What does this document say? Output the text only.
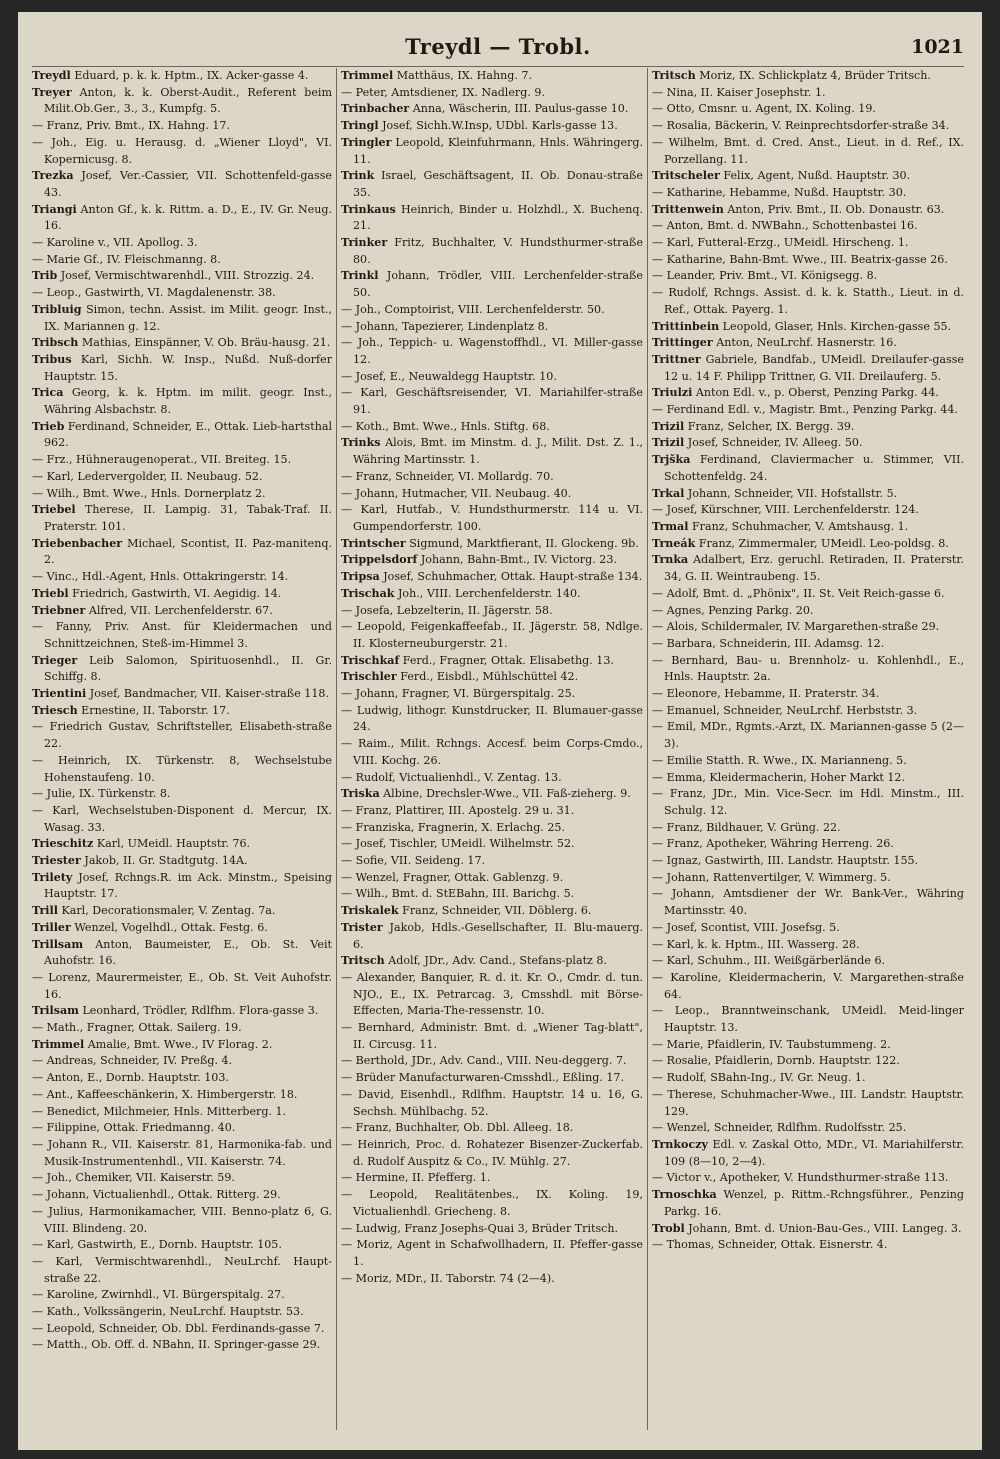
Treydl — Trobl.	1021

Treydl Eduard, p. k. k. Hptm., IX. Acker-gasse 4.

Treyer Anton, k. k. Oberst-Audit., Referent beim Milit.Ob.Ger., 3., 3., Kumpfg. 5.

— Franz, Priv. Bmt., IX. Hahng. 17.

— Joh., Eig. u. Herausg. d. „Wiener Lloyd", VI. Kopernicusg. 8.

Trezka Josef, Ver.-Cassier, VII. Schottenfeld-gasse 43.

Triangi Anton Gf., k. k. Rittm. a. D., E., IV. Gr. Neug. 16.

— Karoline v., VII. Apollog. 3.

— Marie Gf., IV. Fleischmanng. 8.

Trib Josef, Vermischtwarenhdl., VIII. Strozzig. 24.

— Leop., Gastwirth, VI. Magdalenenstr. 38.

Tribluig Simon, techn. Assist. im Milit. geogr. Inst., IX. Mariannen g. 12.

Tribsch Mathias, Einspänner, V. Ob. Bräu-hausg. 21.

Tribus Karl, Sichh. W. Insp., Nußd. Nuß-dorfer Hauptstr. 15.

Trica Georg, k. k. Hptm. im milit. geogr. Inst., Währing Alsbachstr. 8.

Trieb Ferdinand, Schneider, E., Ottak. Lieb-hartsthal 962.

— Frz., Hühneraugenoperat., VII. Breiteg. 15.

— Karl, Ledervergolder, II. Neubaug. 52.

— Wilh., Bmt. Wwe., Hnls. Dornerplatz 2.

Triebel Therese, II. Lampig. 31, Tabak-Traf. II. Praterstr. 101.

Triebenbacher Michael, Scontist, II. Paz-manitenq. 2.

— Vinc., Hdl.-Agent, Hnls. Ottakringerstr. 14.

Triebl Friedrich, Gastwirth, VI. Aegidig. 14.

Triebner Alfred, VII. Lerchenfelderstr. 67.

— Fanny, Priv. Anst. für Kleidermachen und Schnittzeichnen, Steß-im-Himmel 3.

Trieger Leib Salomon, Spirituosenhdl., II. Gr. Schiffg. 8.

Trientini Josef, Bandmacher, VII. Kaiser-straße 118.

Triesch Ernestine, II. Taborstr. 17.

— Friedrich Gustav, Schriftsteller, Elisabeth-straße 22.

— Heinrich, IX. Türkenstr. 8, Wechselstube Hohenstaufeng. 10.

— Julie, IX. Türkenstr. 8.

— Karl, Wechselstuben-Disponent d. Mercur, IX. Wasag. 33.

Trieschitz Karl, UMeidl. Hauptstr. 76.

Triester Jakob, II. Gr. Stadtgutg. 14A.

Trilety Josef, Rchngs.R. im Ack. Minstm., Speising Hauptstr. 17.

Trill Karl, Decorationsmaler, V. Zentag. 7a.

Triller Wenzel, Vogelhdl., Ottak. Festg. 6.

Trillsam Anton, Baumeister, E., Ob. St. Veit Auhofstr. 16.

— Lorenz, Maurermeister, E., Ob. St. Veit Auhofstr. 16.

Trilsam Leonhard, Trödler, Rdlfhm. Flora-gasse 3.

— Math., Fragner, Ottak. Sailerg. 19.

Trimmel Amalie, Bmt. Wwe., IV Florag. 2.

— Andreas, Schneider, IV. Preßg. 4.

— Anton, E., Dornb. Hauptstr. 103.

— Ant., Kaffeeschänkerin, X. Himbergerstr. 18.

— Benedict, Milchmeier, Hnls. Mitterberg. 1.

— Filippine, Ottak. Friedmanng. 40.

— Johann R., VII. Kaiserstr. 81, Harmonika-fab. und Musik-Instrumentenhdl., VII. Kaiserstr. 74.

— Joh., Chemiker, VII. Kaiserstr. 59.

— Johann, Victualienhdl., Ottak. Ritterg. 29.

— Julius, Harmonikamacher, VIII. Benno-platz 6, G. VIII. Blindeng. 20.

— Karl, Gastwirth, E., Dornb. Hauptstr. 105.

— Karl, Vermischtwarenhdl., NeuLrchf. Haupt-straße 22.

— Karoline, Zwirnhdl., VI. Bürgerspitalg. 27.

— Kath., Volkssängerin, NeuLrchf. Hauptstr. 53.

— Leopold, Schneider, Ob. Dbl. Ferdinands-gasse 7.

— Matth., Ob. Off. d. NBahn, II. Springer-gasse 29.

Trimmel Matthäus, IX. Hahng. 7.

— Peter, Amtsdiener, IX. Nadlerg. 9.

Trinbacher Anna, Wäscherin, III. Paulus-gasse 10.

Tringl Josef, Sichh.W.Insp, UDbl. Karls-gasse 13.

Tringler Leopold, Kleinfuhrmann, Hnls. Währingerg. 11.

Trink Israel, Geschäftsagent, II. Ob. Donau-straße 35.

Trinkaus Heinrich, Binder u. Holzhdl., X. Buchenq. 21.

Trinker Fritz, Buchhalter, V. Hundsthurmer-straße 80.

Trinkl Johann, Trödler, VIII. Lerchenfelder-straße 50.

— Joh., Comptoirist, VIII. Lerchenfelderstr. 50.

— Johann, Tapezierer, Lindenplatz 8.

— Joh., Teppich- u. Wagenstoffhdl., VI. Miller-gasse 12.

— Josef, E., Neuwaldegg Hauptstr. 10.

— Karl, Geschäftsreisender, VI. Mariahilfer-straße 91.

— Koth., Bmt. Wwe., Hnls. Stiftg. 68.

Trinks Alois, Bmt. im Minstm. d. J., Milit. Dst. Z. 1., Währing Martinsstr. 1.

— Franz, Schneider, VI. Mollardg. 70.

— Johann, Hutmacher, VII. Neubaug. 40.

— Karl, Hutfab., V. Hundsthurmerstr. 114 u. VI. Gumpendorferstr. 100.

Trintscher Sigmund, Marktfierant, II. Glockeng. 9b.

Trippelsdorf Johann, Bahn-Bmt., IV. Victorg. 23.

Tripsa Josef, Schuhmacher, Ottak. Haupt-straße 134.

Trischak Joh., VIII. Lerchenfelderstr. 140.

— Josefa, Lebzelterin, II. Jägerstr. 58.

— Leopold, Feigenkaffeefab., II. Jägerstr. 58, Ndlge. II. Klosterneuburgerstr. 21.

Trischkaf Ferd., Fragner, Ottak. Elisabethg. 13.

Trischler Ferd., Eisbdl., Mühlschüttel 42.

— Johann, Fragner, VI. Bürgerspitalg. 25.

— Ludwig, lithogr. Kunstdrucker, II. Blumauer-gasse 24.

— Raim., Milit. Rchngs. Accesf. beim Corps-Cmdo., VIII. Kochg. 26.

— Rudolf, Victualienhdl., V. Zentag. 13.

Triska Albine, Drechsler-Wwe., VII. Faß-zieherg. 9.

— Franz, Plattirer, III. Apostelg. 29 u. 31.

— Franziska, Fragnerin, X. Erlachg. 25.

— Josef, Tischler, UMeidl. Wilhelmstr. 52.

— Sofie, VII. Seideng. 17.

— Wenzel, Fragner, Ottak. Gablenzg. 9.

— Wilh., Bmt. d. StEBahn, III. Barichg. 5.

Triskalek Franz, Schneider, VII. Döblerg. 6.

Trister Jakob, Hdls.-Gesellschafter, II. Blu-mauerg. 6.

Tritsch Adolf, JDr., Adv. Cand., Stefans-platz 8.

— Alexander, Banquier, R. d. it. Kr. O., Cmdr. d. tun. NJO., E., IX. Petrarcag. 3, Cmsshdl. mit Börse-Effecten, Maria-The-ressenstr. 10.

— Bernhard, Administr. Bmt. d. „Wiener Tag-blatt", II. Circusg. 11.

— Berthold, JDr., Adv. Cand., VIII. Neu-deggerg. 7.

— Brüder Manufacturwaren-Cmsshdl., Eßling. 17.

— David, Eisenhdl., Rdlfhm. Hauptstr. 14 u. 16, G. Sechsh. Mühlbachg. 52.

— Franz, Buchhalter, Ob. Dbl. Alleeg. 18.

— Heinrich, Proc. d. Rohatezer Bisenzer-Zuckerfab. d. Rudolf Auspitz & Co., IV. Mühlg. 27.

— Hermine, II. Pfefferg. 1.

— Leopold, Realitätenbes., IX. Koling. 19, Victualienhdl. Griecheng. 8.

— Ludwig, Franz Josephs-Quai 3, Brüder Tritsch.

— Moriz, Agent in Schafwollhadern, II. Pfeffer-gasse 1.

— Moriz, MDr., II. Taborstr. 74 (2—4).

Tritsch Moriz, IX. Schlickplatz 4, Brüder Tritsch.

— Nina, II. Kaiser Josephstr. 1.

— Otto, Cmsnr. u. Agent, IX. Koling. 19.

— Rosalia, Bäckerin, V. Reinprechtsdorfer-straße 34.

— Wilhelm, Bmt. d. Cred. Anst., Lieut. in d. Ref., IX. Porzellang. 11.

Tritscheler Felix, Agent, Nußd. Hauptstr. 30.

— Katharine, Hebamme, Nußd. Hauptstr. 30.

Trittenwein Anton, Priv. Bmt., II. Ob. Donaustr. 63.

— Anton, Bmt. d. NWBahn., Schottenbastei 16.

— Karl, Futteral-Erzg., UMeidl. Hirscheng. 1.

— Katharine, Bahn-Bmt. Wwe., III. Beatrix-gasse 26.

— Leander, Priv. Bmt., VI. Königsegg. 8.

— Rudolf, Rchngs. Assist. d. k. k. Statth., Lieut. in d. Ref., Ottak. Payerg. 1.

Trittinbein Leopold, Glaser, Hnls. Kirchen-gasse 55.

Trittinger Anton, NeuLrchf. Hasnerstr. 16.

Trittner Gabriele, Bandfab., UMeidl. Dreilaufer-gasse 12 u. 14 F. Philipp Trittner, G. VII. Dreilauferg. 5.

Triulzi Anton Edl. v., p. Oberst, Penzing Parkg. 44.

— Ferdinand Edl. v., Magistr. Bmt., Penzing Parkg. 44.

Trizil Franz, Selcher, IX. Bergg. 39.

Trizil Josef, Schneider, IV. Alleeg. 50.

Trjška Ferdinand, Claviermacher u. Stimmer, VII. Schottenfeldg. 24.

Trkal Johann, Schneider, VII. Hofstallstr. 5.

— Josef, Kürschner, VIII. Lerchenfelderstr. 124.

Trmal Franz, Schuhmacher, V. Amtshausg. 1.

Trneák Franz, Zimmermaler, UMeidl. Leo-poldsg. 8.

Trnka Adalbert, Erz. geruchl. Retiraden, II. Praterstr. 34, G. II. Weintraubeng. 15.

— Adolf, Bmt. d. „Phönix", II. St. Veit Reich-gasse 6.

— Agnes, Penzing Parkg. 20.

— Alois, Schildermaler, IV. Margarethen-straße 29.

— Barbara, Schneiderin, III. Adamsg. 12.

— Bernhard, Bau- u. Brennholz- u. Kohlenhdl., E., Hnls. Hauptstr. 2a.

— Eleonore, Hebamme, II. Praterstr. 34.

— Emanuel, Schneider, NeuLrchf. Herbststr. 3.

— Emil, MDr., Rgmts.-Arzt, IX. Mariannen-gasse 5 (2—3).

— Emilie Statth. R. Wwe., IX. Marianneng. 5.

— Emma, Kleidermacherin, Hoher Markt 12.

— Franz, JDr., Min. Vice-Secr. im Hdl. Minstm., III. Schulg. 12.

— Franz, Bildhauer, V. Grüng. 22.

— Franz, Apotheker, Währing Herreng. 26.

— Ignaz, Gastwirth, III. Landstr. Hauptstr. 155.

— Johann, Rattenvertilger, V. Wimmerg. 5.

— Johann, Amtsdiener der Wr. Bank-Ver., Währing Martinsstr. 40.

— Josef, Scontist, VIII. Josefsg. 5.

— Karl, k. k. Hptm., III. Wasserg. 28.

— Karl, Schuhm., III. Weißgärberlände 6.

— Karoline, Kleidermacherin, V. Margarethen-straße 64.

— Leop., Branntweinschank, UMeidl. Meid-linger Hauptstr. 13.

— Marie, Pfaidlerin, IV. Taubstummeng. 2.

— Rosalie, Pfaidlerin, Dornb. Hauptstr. 122.

— Rudolf, SBahn-Ing., IV. Gr. Neug. 1.

— Therese, Schuhmacher-Wwe., III. Landstr. Hauptstr. 129.

— Wenzel, Schneider, Rdlfhm. Rudolfsstr. 25.

Trnkoczy Edl. v. Zaskal Otto, MDr., VI. Mariahilferstr. 109 (8—10, 2—4).

— Victor v., Apotheker, V. Hundsthurmer-straße 113.

Trnoschka Wenzel, p. Rittm.-Rchngsführer., Penzing Parkg. 16.

Trobl Johann, Bmt. d. Union-Bau-Ges., VIII. Langeg. 3.

— Thomas, Schneider, Ottak. Eisnerstr. 4.
